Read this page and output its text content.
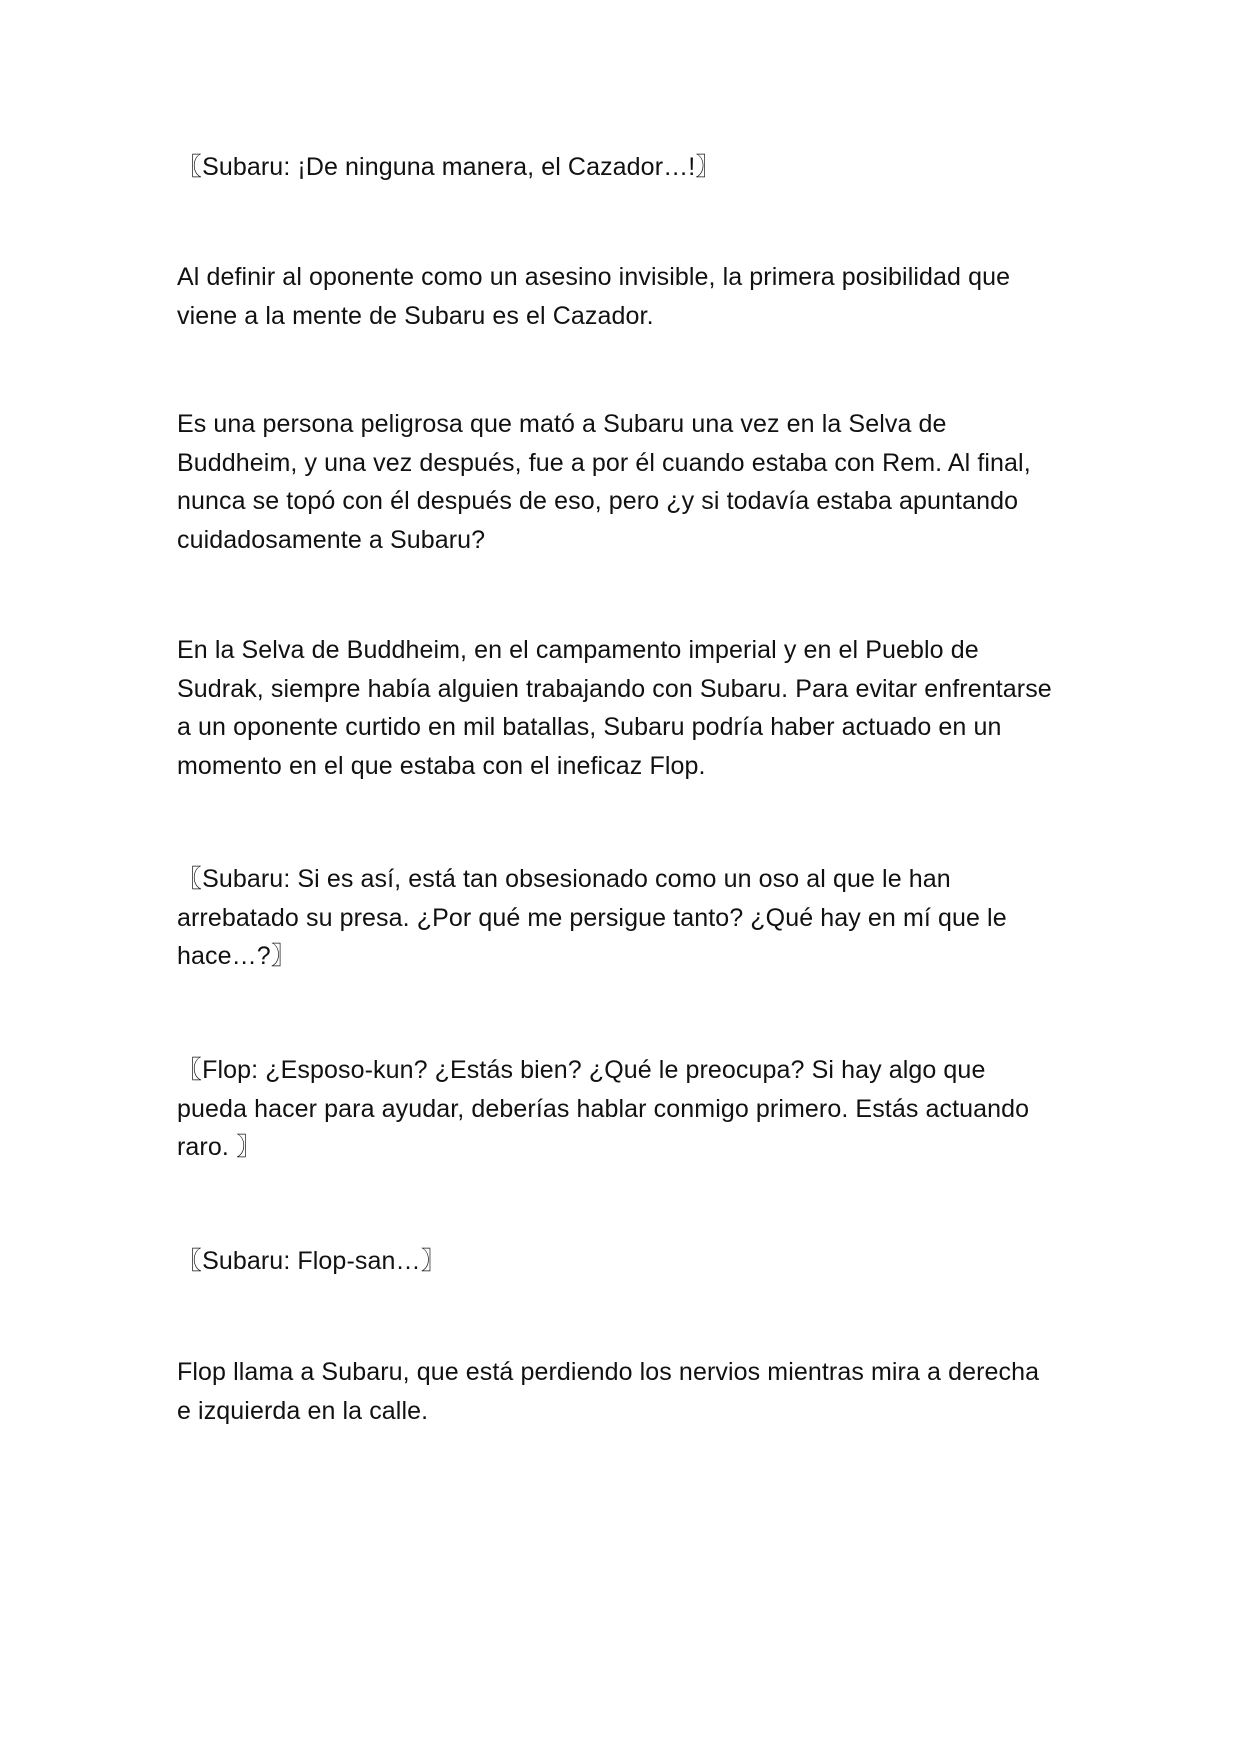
〖Subaru: ¡De ninguna manera, el Cazador…!〗

Al definir al oponente como un asesino invisible, la primera posibilidad que viene a la mente de Subaru es el Cazador.

Es una persona peligrosa que mató a Subaru una vez en la Selva de Buddheim, y una vez después, fue a por él cuando estaba con Rem. Al final, nunca se topó con él después de eso, pero ¿y si todavía estaba apuntando cuidadosamente a Subaru?

En la Selva de Buddheim, en el campamento imperial y en el Pueblo de Sudrak, siempre había alguien trabajando con Subaru. Para evitar enfrentarse a un oponente curtido en mil batallas, Subaru podría haber actuado en un momento en el que estaba con el ineficaz Flop.

〖Subaru: Si es así, está tan obsesionado como un oso al que le han arrebatado su presa. ¿Por qué me persigue tanto? ¿Qué hay en mí que le hace…?〗

〖Flop: ¿Esposo-kun? ¿Estás bien? ¿Qué le preocupa? Si hay algo que pueda hacer para ayudar, deberías hablar conmigo primero. Estás actuando raro. 〗

〖Subaru: Flop-san…〗

Flop llama a Subaru, que está perdiendo los nervios mientras mira a derecha e izquierda en la calle.
